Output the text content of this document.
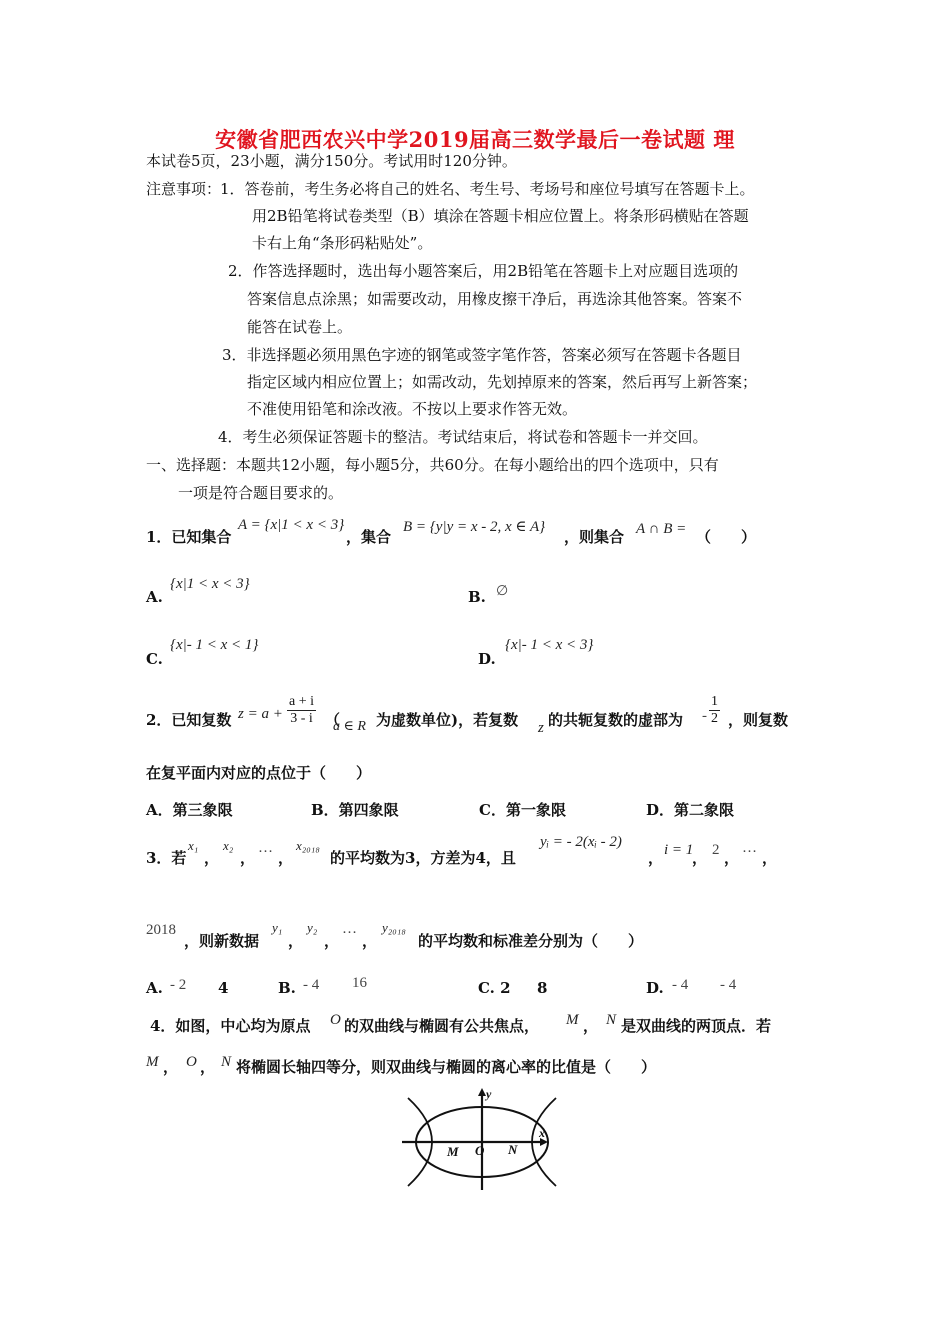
安徽省肥西农兴中学2019届高三数学最后一卷试题 理
本试卷5页，23小题，满分150分。考试用时120分钟。
注意事项：
1．答卷前，考生务必将自己的姓名、考生号、考场号和座位号填写在答题卡上。
用2B铅笔将试卷类型（B）填涂在答题卡相应位置上。将条形码横贴在答题
卡右上角“条形码粘贴处”。
2．作答选择题时，选出每小题答案后，用2B铅笔在答题卡上对应题目选项的
答案信息点涂黑；如需要改动，用橡皮擦干净后，再选涂其他答案。答案不
能答在试卷上。
3．非选择题必须用黑色字迹的钢笔或签字笔作答，答案必须写在答题卡各题目
指定区域内相应位置上；如需改动，先划掉原来的答案，然后再写上新答案；
不准使用铅笔和涂改液。不按以上要求作答无效。
4．考生必须保证答题卡的整洁。考试结束后，将试卷和答题卡一并交回。
一、选择题：本题共12小题，每小题5分，共60分。在每小题给出的四个选项中，只有
一项是符合题目要求的。
1．已知集合
A = {x|1 < x < 3}
，集合
B = {y|y = x - 2, x ∈ A}
，则集合 A ∩ B = （　　）
A.
{x|1 < x < 3}
B. ∅
C.
{x|- 1 < x < 1}
D.
{x|- 1 < x < 3}
2．已知复数 $z = a + \frac{a + i}{3 - i}$ （
a ∈ R 为虚数单位)，若复数 z 的共轭复数的虚部为 - $\frac{1}{2}$ ，则复数
在复平面内对应的点位于（　　）
A．第三象限	B．第四象限	C．第一象限	D．第二象限
3．若
x₁
，
x₂
，
…
，
x₂₀₁₈
的平均数为3，方差为4，且
yᵢ = - 2(xᵢ - 2)
， i = 1
， 2 ，
…
，
2018
，则新数据
y₁
，
y₂
，
…
，
y₂₀₁₈
的平均数和标准差分别为（　　）
A. - 2 4	B. - 4 16	C. 2 8	D. - 4 - 4
4．如图，中心均为原点 O 的双曲线与椭圆有公共焦点， M ， N 是双曲线的两顶点．若
M ， O ， N 将椭圆长轴四等分，则双曲线与椭圆的离心率的比值是（　　）
y
x
M O N
